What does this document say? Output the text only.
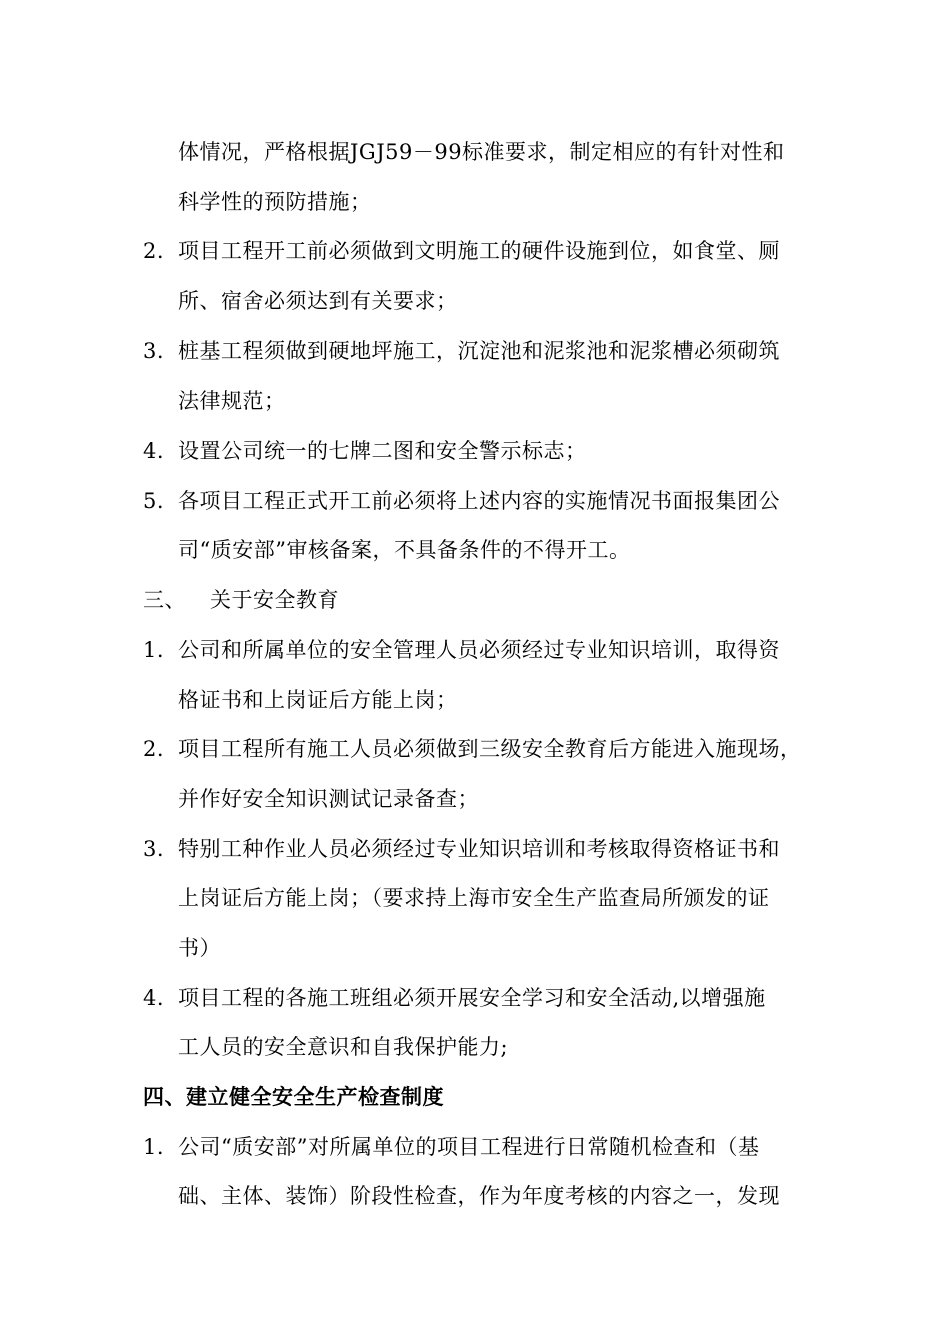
体情况，严格根据JGJ59－99标准要求，制定相应的有针对性和
科学性的预防措施；
2. 项目工程开工前必须做到文明施工的硬件设施到位，如食堂、厕
所、宿舍必须达到有关要求；
3. 桩基工程须做到硬地坪施工，沉淀池和泥浆池和泥浆槽必须砌筑
法律规范；
4. 设置公司统一的七牌二图和安全警示标志；
5. 各项目工程正式开工前必须将上述内容的实施情况书面报集团公
司“质安部”审核备案，不具备条件的不得开工。
三、 关于安全教育
1. 公司和所属单位的安全管理人员必须经过专业知识培训，取得资
格证书和上岗证后方能上岗；
2. 项目工程所有施工人员必须做到三级安全教育后方能进入施现场，
并作好安全知识测试记录备查；
3. 特别工种作业人员必须经过专业知识培训和考核取得资格证书和
上岗证后方能上岗；（要求持上海市安全生产监查局所颁发的证
书）
4. 项目工程的各施工班组必须开展安全学习和安全活动,以增强施
工人员的安全意识和自我保护能力;
四、建立健全安全生产检查制度
1. 公司“质安部”对所属单位的项目工程进行日常随机检查和（基
础、主体、装饰）阶段性检查，作为年度考核的内容之一，发现
